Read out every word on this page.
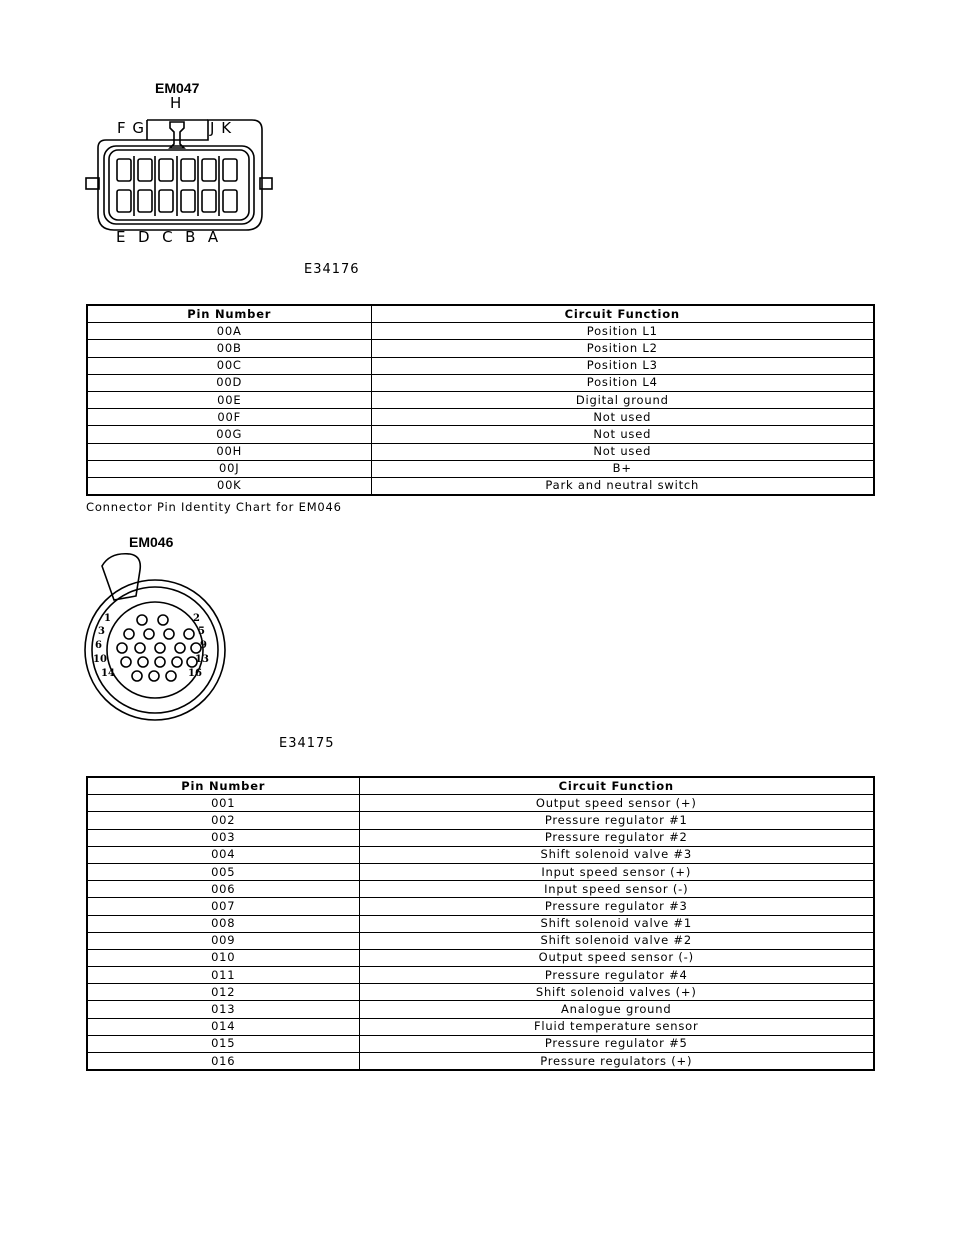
EM047
H
F G	J K
E  D  C  B  A
E34176
Pin Number	Circuit Function
00A	Position L1
00B	Position L2
00C	Position L3
00D	Position L4
00E	Digital ground
00F	Not used
00G	Not used
00H	Not used
00J	B+
00K	Park and neutral switch
Connector Pin Identity Chart for EM046
EM046
1	2
3	5
6	9
10	13
14	16
E34175
Pin Number	Circuit Function
001	Output speed sensor (+)
002	Pressure regulator #1
003	Pressure regulator #2
004	Shift solenoid valve #3
005	Input speed sensor (+)
006	Input speed sensor (-)
007	Pressure regulator #3
008	Shift solenoid valve #1
009	Shift solenoid valve #2
010	Output speed sensor (-)
011	Pressure regulator #4
012	Shift solenoid valves (+)
013	Analogue ground
014	Fluid temperature sensor
015	Pressure regulator #5
016	Pressure regulators (+)
